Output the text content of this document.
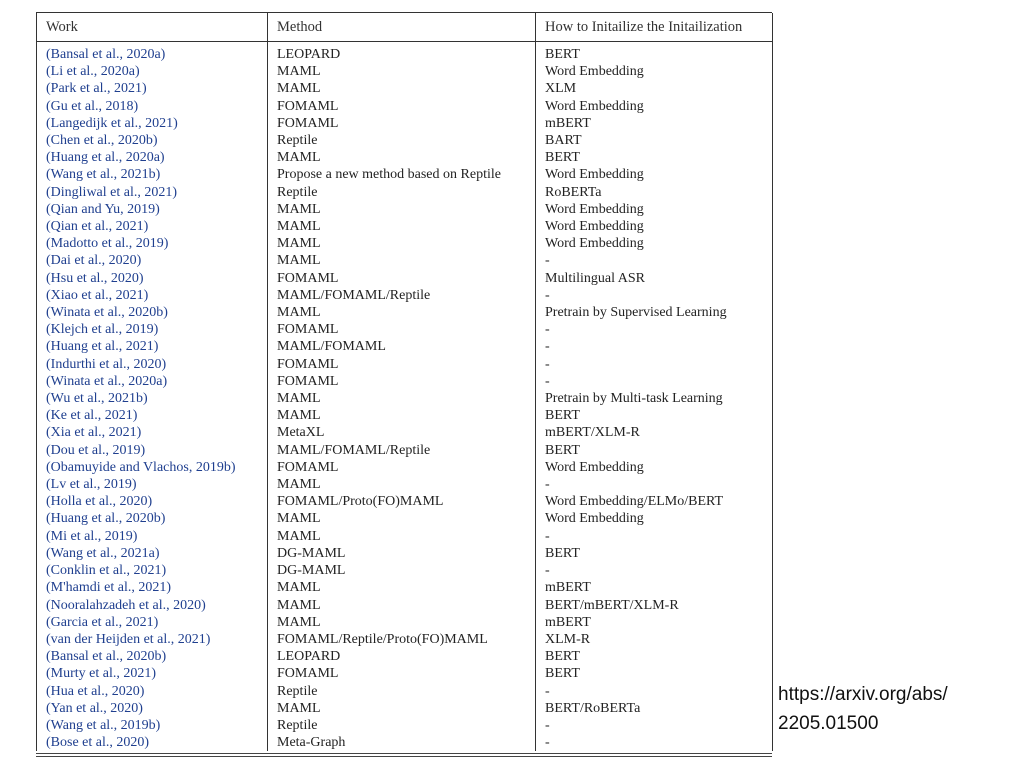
Work	Method	How to Initailize the Initailization
(Bansal et al., 2020a)	LEOPARD	BERT
(Li et al., 2020a)	MAML	Word Embedding
(Park et al., 2021)	MAML	XLM
(Gu et al., 2018)	FOMAML	Word Embedding
(Langedijk et al., 2021)	FOMAML	mBERT
(Chen et al., 2020b)	Reptile	BART
(Huang et al., 2020a)	MAML	BERT
(Wang et al., 2021b)	Propose a new method based on Reptile	Word Embedding
(Dingliwal et al., 2021)	Reptile	RoBERTa
(Qian and Yu, 2019)	MAML	Word Embedding
(Qian et al., 2021)	MAML	Word Embedding
(Madotto et al., 2019)	MAML	Word Embedding
(Dai et al., 2020)	MAML	-
(Hsu et al., 2020)	FOMAML	Multilingual ASR
(Xiao et al., 2021)	MAML/FOMAML/Reptile	-
(Winata et al., 2020b)	MAML	Pretrain by Supervised Learning
(Klejch et al., 2019)	FOMAML	-
(Huang et al., 2021)	MAML/FOMAML	-
(Indurthi et al., 2020)	FOMAML	-
(Winata et al., 2020a)	FOMAML	-
(Wu et al., 2021b)	MAML	Pretrain by Multi-task Learning
(Ke et al., 2021)	MAML	BERT
(Xia et al., 2021)	MetaXL	mBERT/XLM-R
(Dou et al., 2019)	MAML/FOMAML/Reptile	BERT
(Obamuyide and Vlachos, 2019b)	FOMAML	Word Embedding
(Lv et al., 2019)	MAML	-
(Holla et al., 2020)	FOMAML/Proto(FO)MAML	Word Embedding/ELMo/BERT
(Huang et al., 2020b)	MAML	Word Embedding
(Mi et al., 2019)	MAML	-
(Wang et al., 2021a)	DG-MAML	BERT
(Conklin et al., 2021)	DG-MAML	-
(M'hamdi et al., 2021)	MAML	mBERT
(Nooralahzadeh et al., 2020)	MAML	BERT/mBERT/XLM-R
(Garcia et al., 2021)	MAML	mBERT
(van der Heijden et al., 2021)	FOMAML/Reptile/Proto(FO)MAML	XLM-R
(Bansal et al., 2020b)	LEOPARD	BERT
(Murty et al., 2021)	FOMAML	BERT
(Hua et al., 2020)	Reptile	-
(Yan et al., 2020)	MAML	BERT/RoBERTa
(Wang et al., 2019b)	Reptile	-
(Bose et al., 2020)	Meta-Graph	-
https://arxiv.org/abs/
2205.01500
